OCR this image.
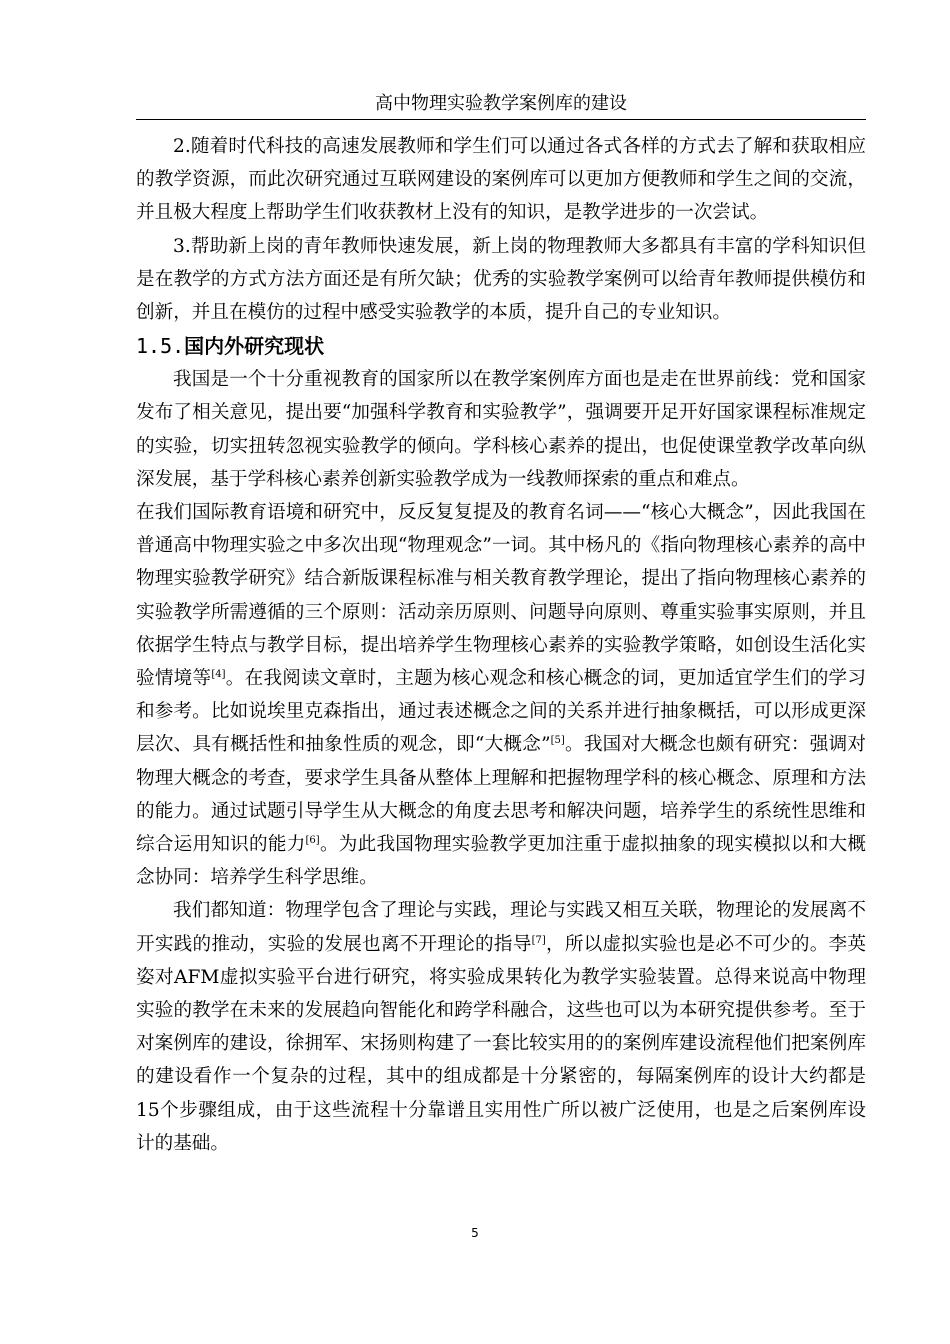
高中物理实验教学案例库的建设

2.随着时代科技的高速发展教师和学生们可以通过各式各样的方式去了解和获取相应的教学资源，而此次研究通过互联网建设的案例库可以更加方便教师和学生之间的交流，并且极大程度上帮助学生们收获教材上没有的知识，是教学进步的一次尝试。

3.帮助新上岗的青年教师快速发展，新上岗的物理教师大多都具有丰富的学科知识但是在教学的方式方法方面还是有所欠缺；优秀的实验教学案例可以给青年教师提供模仿和创新，并且在模仿的过程中感受实验教学的本质，提升自己的专业知识。

1.5.国内外研究现状

我国是一个十分重视教育的国家所以在教学案例库方面也是走在世界前线：党和国家发布了相关意见，提出要“加强科学教育和实验教学”，强调要开足开好国家课程标准规定的实验，切实扭转忽视实验教学的倾向。学科核心素养的提出，也促使课堂教学改革向纵深发展，基于学科核心素养创新实验教学成为一线教师探索的重点和难点。

在我们国际教育语境和研究中，反反复复提及的教育名词——“核心大概念”，因此我国在普通高中物理实验之中多次出现“物理观念”一词。其中杨凡的《指向物理核心素养的高中物理实验教学研究》结合新版课程标准与相关教育教学理论，提出了指向物理核心素养的实验教学所需遵循的三个原则：活动亲历原则、问题导向原则、尊重实验事实原则，并且依据学生特点与教学目标，提出培养学生物理核心素养的实验教学策略，如创设生活化实验情境等[4]。在我阅读文章时，主题为核心观念和核心概念的词，更加适宜学生们的学习和参考。比如说埃里克森指出，通过表述概念之间的关系并进行抽象概括，可以形成更深层次、具有概括性和抽象性质的观念，即“大概念”[5]。我国对大概念也颇有研究：强调对物理大概念的考查，要求学生具备从整体上理解和把握物理学科的核心概念、原理和方法的能力。通过试题引导学生从大概念的角度去思考和解决问题，培养学生的系统性思维和综合运用知识的能力[6]。为此我国物理实验教学更加注重于虚拟抽象的现实模拟以和大概念协同：培养学生科学思维。

我们都知道：物理学包含了理论与实践，理论与实践又相互关联，物理论的发展离不开实践的推动，实验的发展也离不开理论的指导[7]，所以虚拟实验也是必不可少的。李英姿对AFM虚拟实验平台进行研究，将实验成果转化为教学实验装置。总得来说高中物理实验的教学在未来的发展趋向智能化和跨学科融合，这些也可以为本研究提供参考。至于对案例库的建设，徐拥军、宋扬则构建了一套比较实用的的案例库建设流程他们把案例库的建设看作一个复杂的过程，其中的组成都是十分紧密的，每隔案例库的设计大约都是15个步骤组成，由于这些流程十分靠谱且实用性广所以被广泛使用，也是之后案例库设计的基础。

5
